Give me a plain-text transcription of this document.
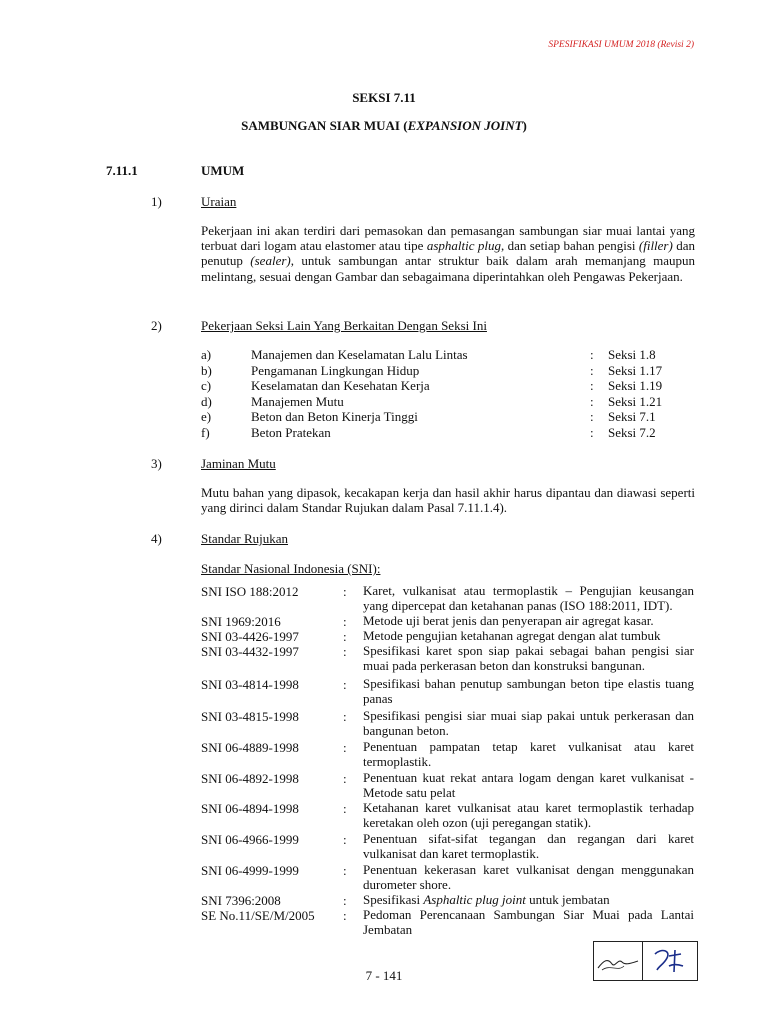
SPESIFIKASI UMUM 2018 (Revisi 2)
SEKSI 7.11
SAMBUNGAN SIAR MUAI (EXPANSION JOINT)
7.11.1	UMUM
1)	Uraian
Pekerjaan ini akan terdiri dari pemasokan dan pemasangan sambungan siar muai lantai yang terbuat dari logam atau elastomer atau tipe asphaltic plug, dan setiap bahan pengisi (filler) dan penutup (sealer), untuk sambungan antar struktur baik dalam arah memanjang maupun melintang, sesuai dengan Gambar dan sebagaimana diperintahkan oleh Pengawas Pekerjaan.
2)	Pekerjaan Seksi Lain Yang Berkaitan Dengan Seksi Ini
a)	Manajemen dan Keselamatan Lalu Lintas	: Seksi 1.8
b)	Pengamanan Lingkungan Hidup	: Seksi 1.17
c)	Keselamatan dan Kesehatan Kerja	: Seksi 1.19
d)	Manajemen Mutu	: Seksi 1.21
e)	Beton dan Beton Kinerja Tinggi	: Seksi 7.1
f)	Beton Pratekan	: Seksi 7.2
3)	Jaminan Mutu
Mutu bahan yang dipasok, kecakapan kerja dan hasil akhir harus dipantau dan diawasi seperti yang dirinci dalam Standar Rujukan dalam Pasal 7.11.1.4).
4)	Standar Rujukan
Standar Nasional Indonesia (SNI):
SNI ISO 188:2012	: Karet, vulkanisat atau termoplastik – Pengujian keusangan yang dipercepat dan ketahanan panas (ISO 188:2011, IDT).
SNI 1969:2016	: Metode uji berat jenis dan penyerapan air agregat kasar.
SNI 03-4426-1997	: Metode pengujian ketahanan agregat dengan alat tumbuk
SNI 03-4432-1997	: Spesifikasi karet spon siap pakai sebagai bahan pengisi siar muai pada perkerasan beton dan konstruksi bangunan.
SNI 03-4814-1998	: Spesifikasi bahan penutup sambungan beton tipe elastis tuang panas
SNI 03-4815-1998	: Spesifikasi pengisi siar muai siap pakai untuk perkerasan dan bangunan beton.
SNI 06-4889-1998	: Penentuan pampatan tetap karet vulkanisat atau karet termoplastik.
SNI 06-4892-1998	: Penentuan kuat rekat antara logam dengan karet vulkanisat - Metode satu pelat
SNI 06-4894-1998	: Ketahanan karet vulkanisat atau karet termoplastik terhadap keretakan oleh ozon (uji peregangan statik).
SNI 06-4966-1999	: Penentuan sifat-sifat tegangan dan regangan dari karet vulkanisat dan karet termoplastik.
SNI 06-4999-1999	: Penentuan kekerasan karet vulkanisat dengan menggunakan durometer shore.
SNI 7396:2008	: Spesifikasi Asphaltic plug joint untuk jembatan
SE No.11/SE/M/2005 : Pedoman Perencanaan Sambungan Siar Muai pada Lantai Jembatan
7 - 141
